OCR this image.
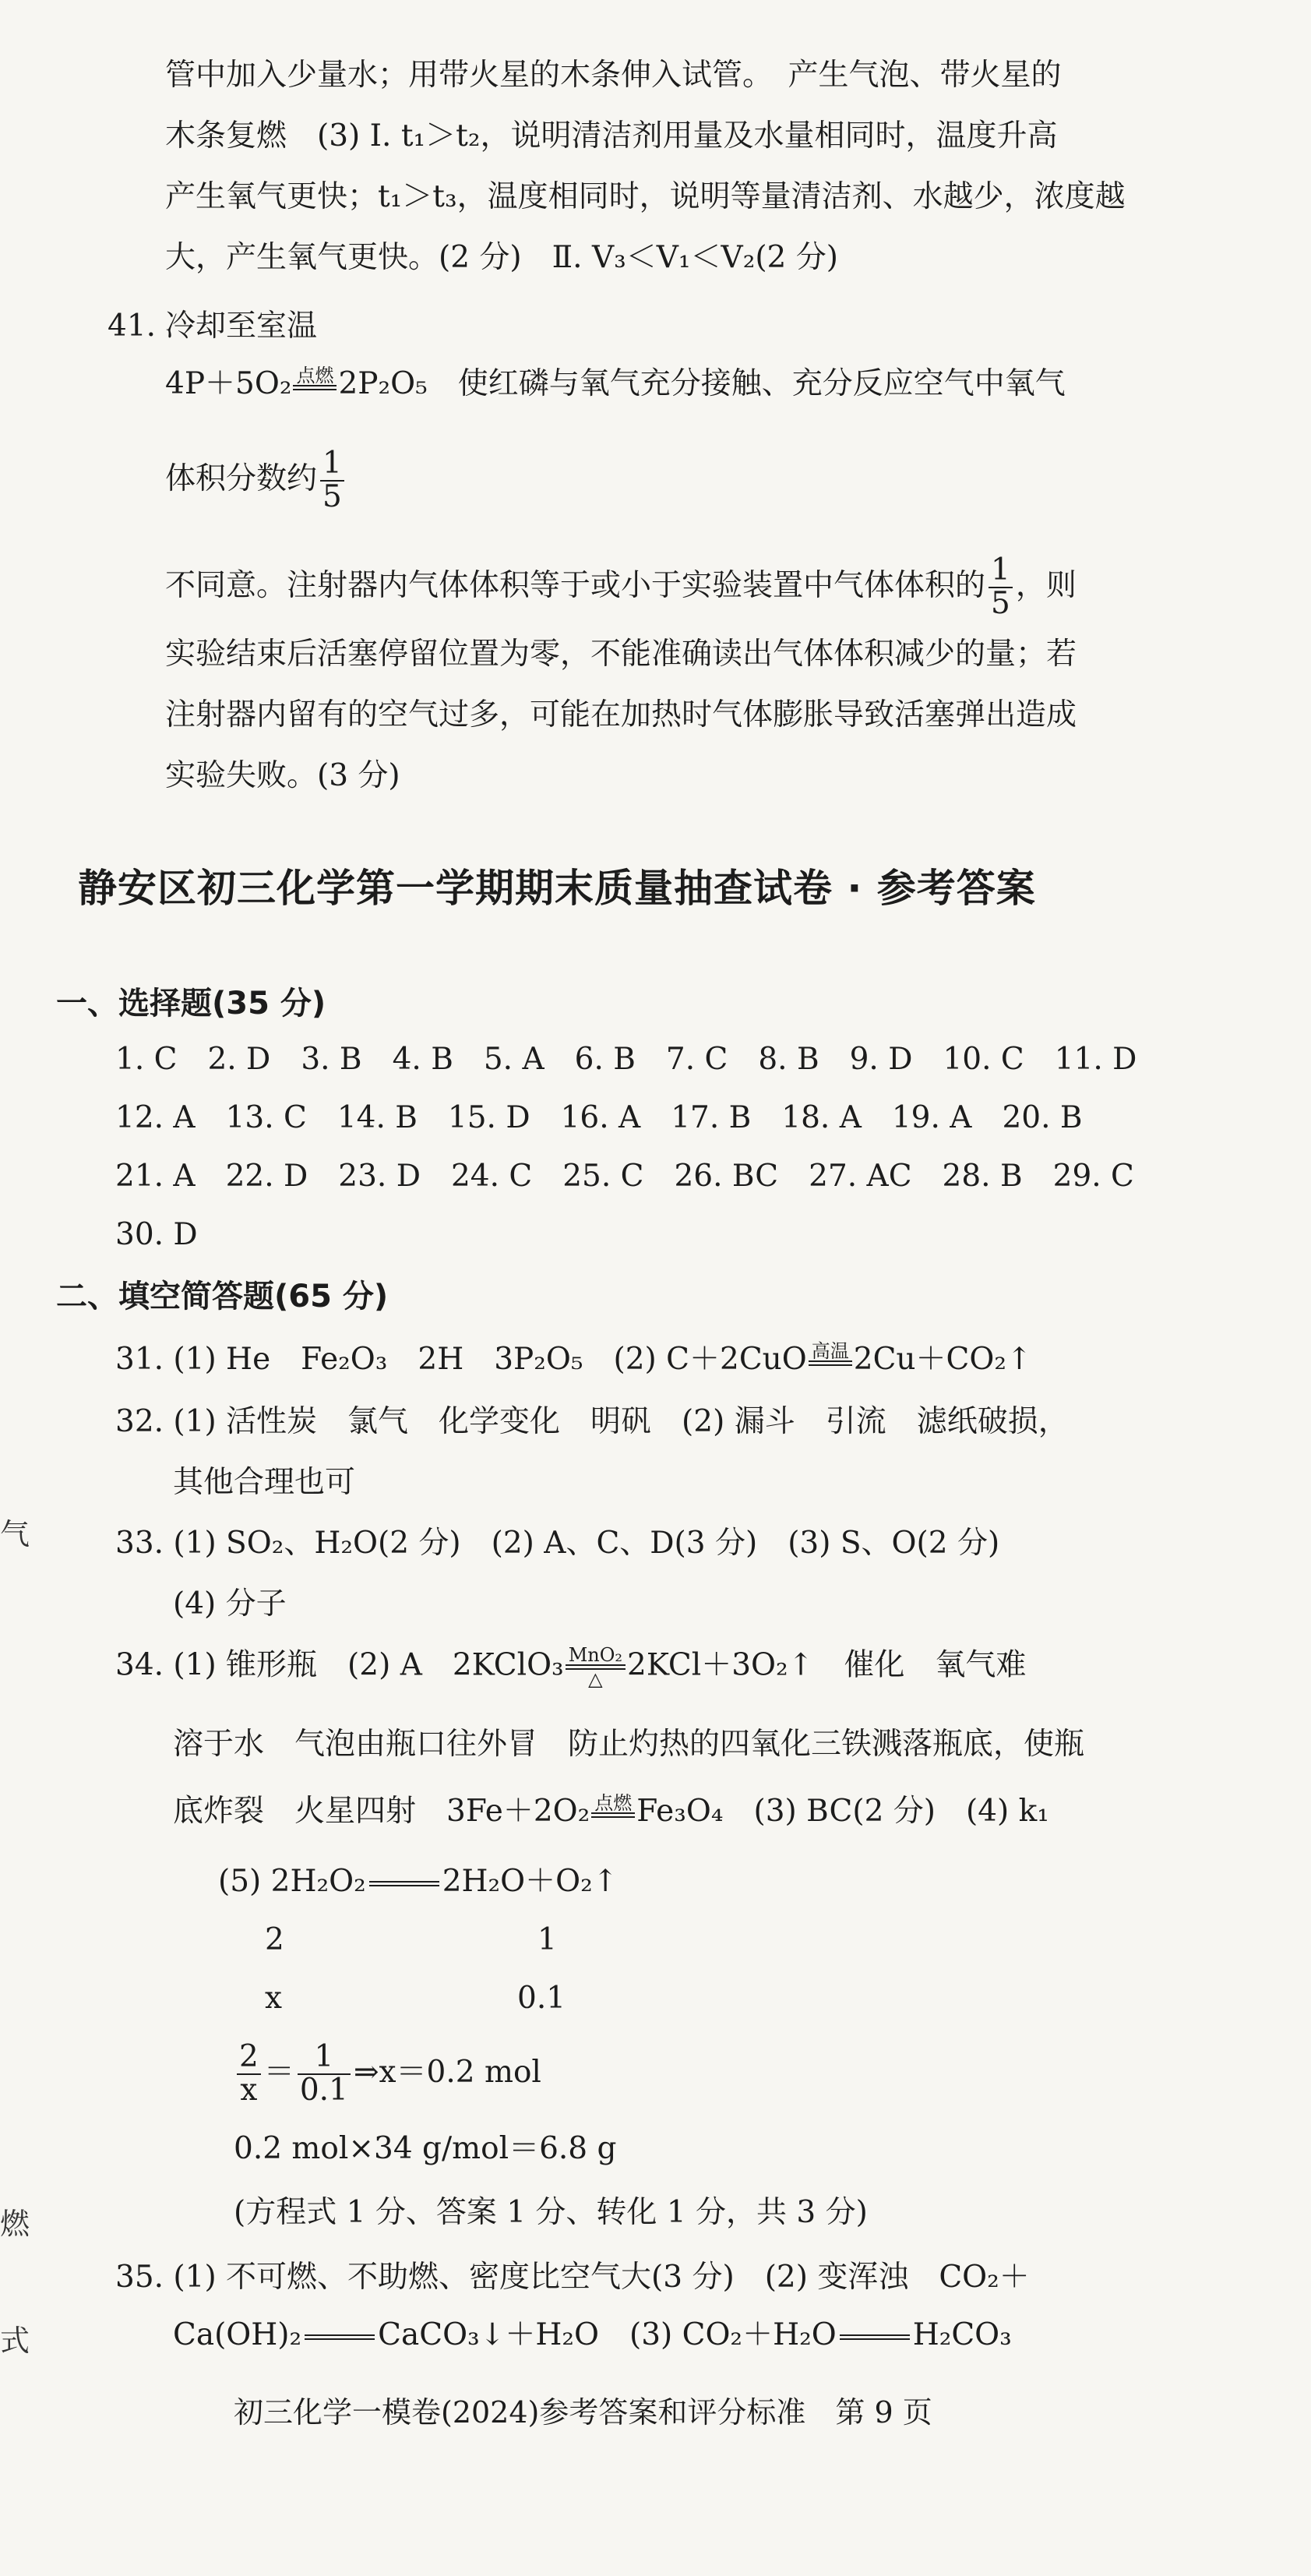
管中加入少量水；用带火星的木条伸入试管。　产生气泡、带火星的
木条复燃　(3) Ⅰ. t₁＞t₂，说明清洁剂用量及水量相同时，温度升高
产生氧气更快；t₁＞t₃，温度相同时，说明等量清洁剂、水越少，浓度越
大，产生氧气更快。(2 分)　Ⅱ. V₃＜V₁＜V₂(2 分)
41. 冷却至室温
4P＋5O₂ 点燃 2P₂O₅　 使红磷与氧气充分接触、充分反应空气中氧气
体积分数约 $\frac{1}{5}$
不同意。注射器内气体体积等于或小于实验装置中气体体积的 $\frac{1}{5}$ ，则
实验结束后活塞停留位置为零，不能准确读出气体体积减少的量；若
注射器内留有的空气过多，可能在加热时气体膨胀导致活塞弹出造成
实验失败。(3 分)
静安区初三化学第一学期期末质量抽查试卷 · 参考答案
一、选择题(35 分)
1. C　2. D　3. B　4. B　5. A　6. B　7. C　8. B　9. D　10. C　11. D
12. A　13. C　14. B　15. D　16. A　17. B　18. A　19. A　20. B
21. A　22. D　23. D　24. C　25. C　26. BC　27. AC　28. B　29. C
30. D
二、填空简答题(65 分)
31. (1) He　Fe₂O₃　2H　3P₂O₅　(2) C＋2CuO 高温 2Cu＋CO₂↑
32. (1) 活性炭　氯气　化学变化　明矾　(2) 漏斗　引流　滤纸破损，
其他合理也可
33. (1) SO₂、H₂O(2 分)　(2) A、C、D(3 分)　(3) S、O(2 分)
(4) 分子
34. (1) 锥形瓶　(2) A　2KClO₃ MnO₂
△ 2KCl＋3O₂↑　催化　氧气难
溶于水　气泡由瓶口往外冒　防止灼热的四氧化三铁溅落瓶底，使瓶
底炸裂　火星四射　3Fe＋2O₂ 点燃 Fe₃O₄　(3) BC(2 分)　(4) k₁
(5) 2H₂O₂	2H₂O＋O₂↑
2	1
x	0.1
$\frac{2}{x} = \frac{1}{0.1}$ ⇒x＝0.2 mol
0.2 mol×34 g/mol＝6.8 g
(方程式 1 分、答案 1 分、转化 1 分，共 3 分)
35. (1) 不可燃、不助燃、密度比空气大(3 分)　(2) 变浑浊　CO₂＋
Ca(OH)₂	CaCO₃↓＋H₂O　(3) CO₂＋H₂O	H₂CO₃
初三化学一模卷(2024)参考答案和评分标准　第 9 页
气
燃
式
